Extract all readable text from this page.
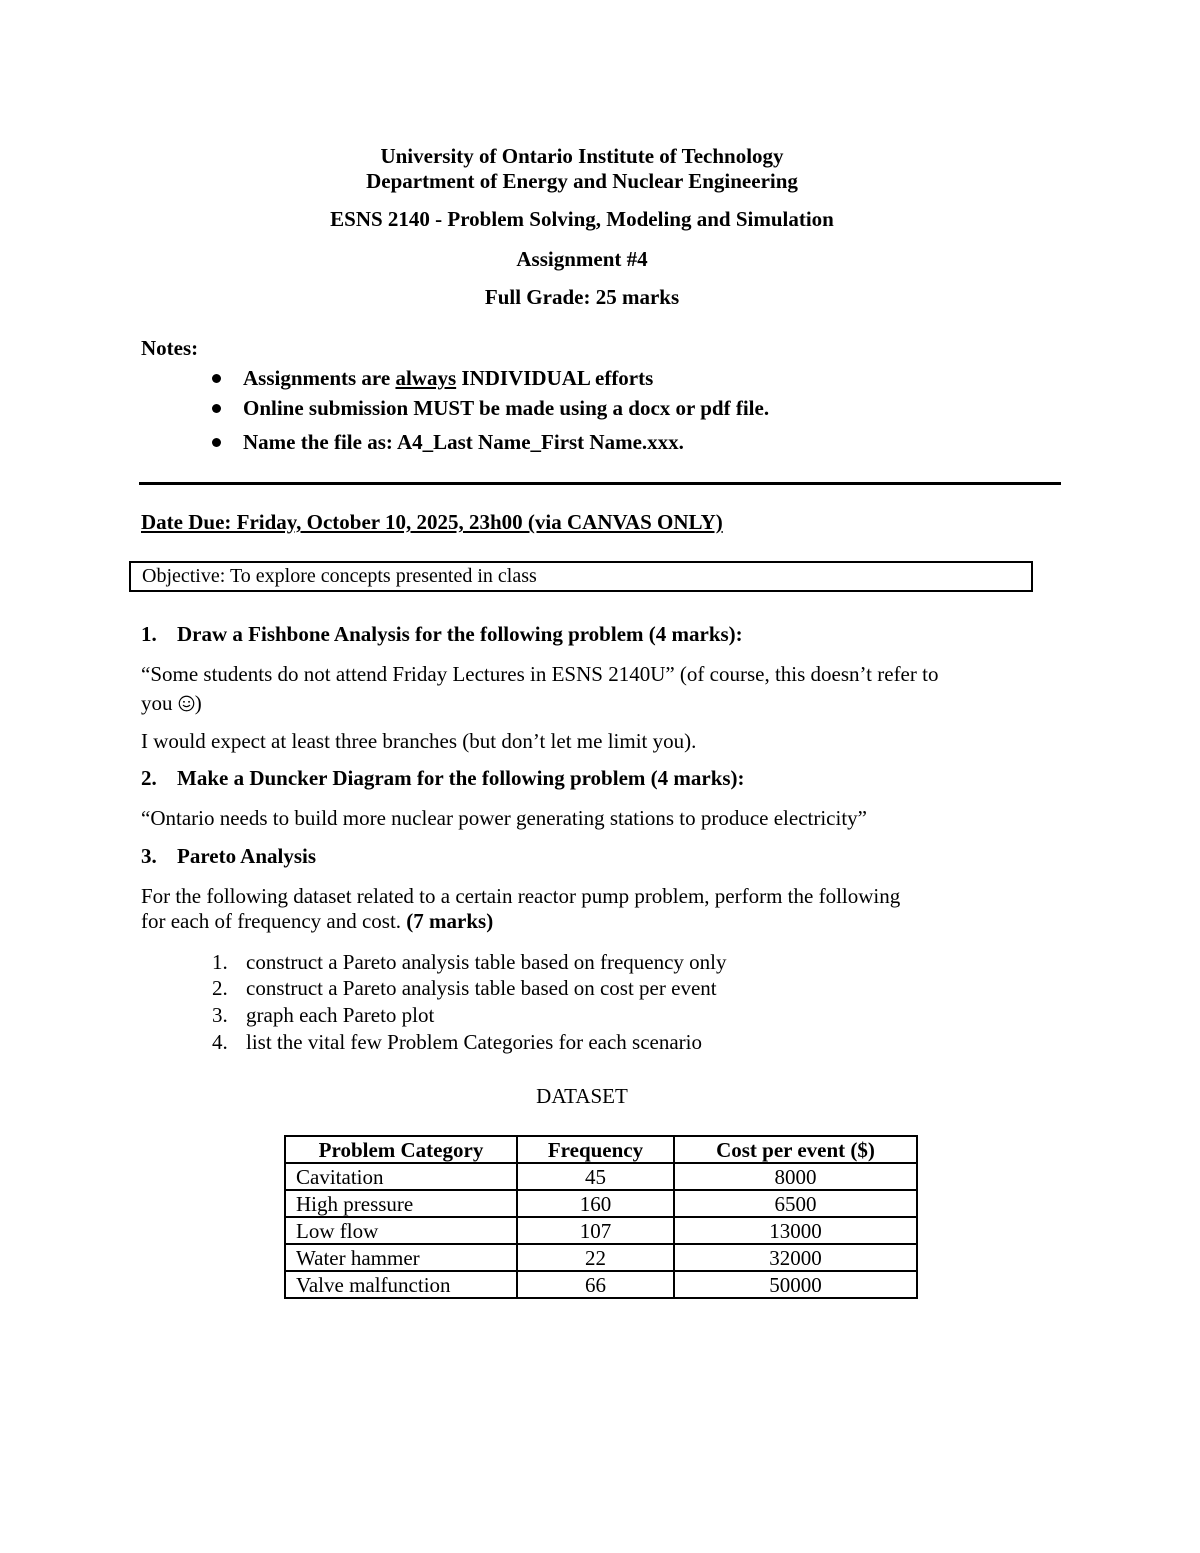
University of Ontario Institute of Technology
Department of Energy and Nuclear Engineering
ESNS 2140 - Problem Solving, Modeling and Simulation
Assignment #4
Full Grade: 25 marks
Notes:
Assignments are always INDIVIDUAL efforts
Online submission MUST be made using a docx or pdf file.
Name the file as: A4_Last Name_First Name.xxx.
Date Due: Friday, October 10, 2025, 23h00 (via CANVAS ONLY)
Objective: To explore concepts presented in class
1. Draw a Fishbone Analysis for the following problem (4 marks):
“Some students do not attend Friday Lectures in ESNS 2140U” (of course, this doesn’t refer to
you )
I would expect at least three branches (but don’t let me limit you).
2. Make a Duncker Diagram for the following problem (4 marks):
“Ontario needs to build more nuclear power generating stations to produce electricity”
3. Pareto Analysis
For the following dataset related to a certain reactor pump problem, perform the following
for each of frequency and cost. (7 marks)
1. construct a Pareto analysis table based on frequency only
2. construct a Pareto analysis table based on cost per event
3. graph each Pareto plot
4. list the vital few Problem Categories for each scenario
DATASET
Problem Category	Frequency	Cost per event ($)
Cavitation	45	8000
High pressure	160	6500
Low flow	107	13000
Water hammer	22	32000
Valve malfunction	66	50000
